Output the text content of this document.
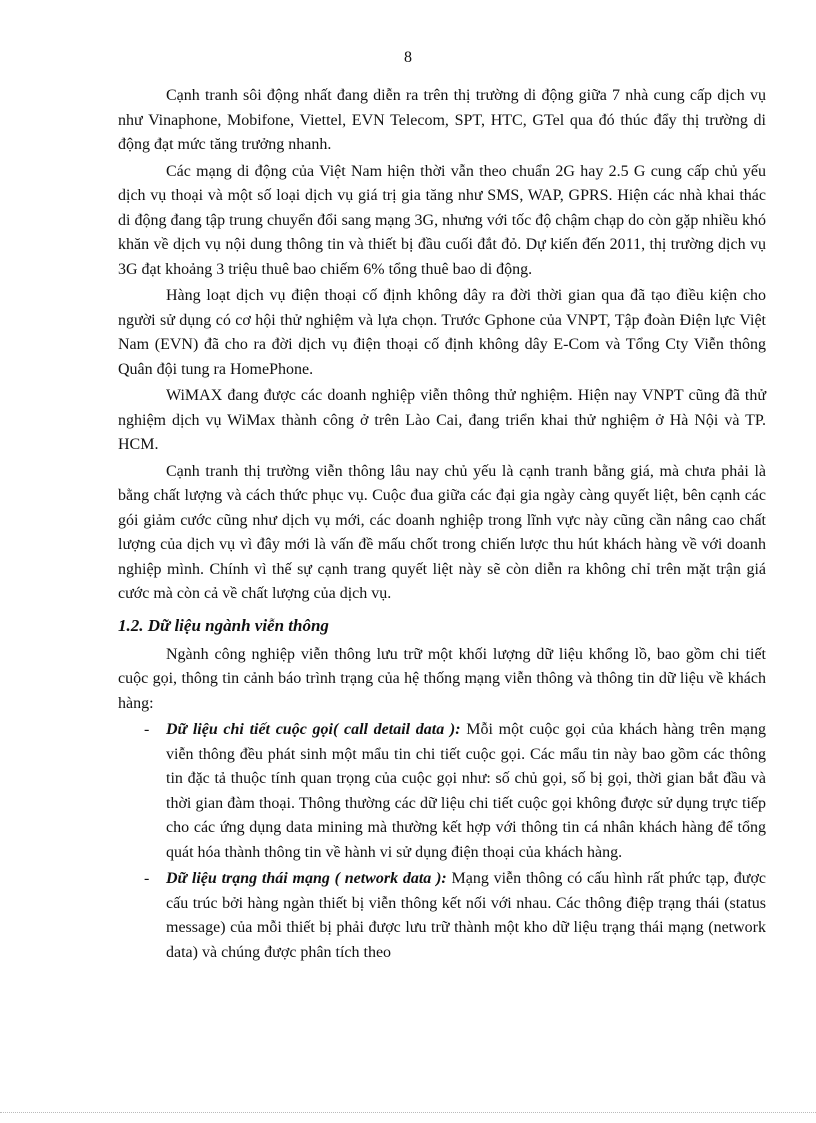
8

Cạnh tranh sôi động nhất đang diễn ra trên thị trường di động giữa 7 nhà cung cấp dịch vụ như Vinaphone, Mobifone, Viettel, EVN Telecom, SPT, HTC, GTel qua đó thúc đẩy thị trường di động đạt mức tăng trưởng nhanh.

Các mạng di động của Việt Nam hiện thời vẫn theo chuẩn 2G hay 2.5 G cung cấp chủ yếu dịch vụ thoại và một số loại dịch vụ giá trị gia tăng như SMS, WAP, GPRS. Hiện các nhà khai thác di động đang tập trung chuyển đổi sang mạng 3G, nhưng với tốc độ chậm chạp do còn gặp nhiều khó khăn về dịch vụ nội dung thông tin và thiết bị đầu cuối đắt đỏ. Dự kiến đến 2011, thị trường dịch vụ 3G đạt khoảng 3 triệu thuê bao chiếm 6% tổng thuê bao di động.

Hàng loạt dịch vụ điện thoại cố định không dây ra đời thời gian qua đã tạo điều kiện cho người sử dụng có cơ hội thử nghiệm và lựa chọn. Trước Gphone của VNPT, Tập đoàn Điện lực Việt Nam (EVN) đã cho ra đời dịch vụ điện thoại cố định không dây E-Com và Tổng Cty Viễn thông Quân đội tung ra HomePhone.

WiMAX đang được các doanh nghiệp viễn thông thử nghiệm. Hiện nay VNPT cũng đã thử nghiệm dịch vụ WiMax thành công ở trên Lào Cai, đang triển khai thử nghiệm ở Hà Nội và TP. HCM.

Cạnh tranh thị trường viễn thông lâu nay chủ yếu là cạnh tranh bằng giá, mà chưa phải là bằng chất lượng và cách thức phục vụ. Cuộc đua giữa các đại gia ngày càng quyết liệt, bên cạnh các gói giảm cước cũng như dịch vụ mới, các doanh nghiệp trong lĩnh vực này cũng cần nâng cao chất lượng của dịch vụ vì đây mới là vấn đề mấu chốt trong chiến lược thu hút khách hàng về với doanh nghiệp mình. Chính vì thế sự cạnh trang quyết liệt này sẽ còn diễn ra không chỉ trên mặt trận giá cước mà còn cả về chất lượng của dịch vụ.

1.2. Dữ liệu ngành viễn thông

Ngành công nghiệp viễn thông lưu trữ một khối lượng dữ liệu khổng lồ, bao gồm chi tiết cuộc gọi, thông tin cảnh báo trình trạng của hệ thống mạng viễn thông và thông tin dữ liệu về khách hàng:

- Dữ liệu chi tiết cuộc gọi( call detail data ): Mỗi một cuộc gọi của khách hàng trên mạng viễn thông đều phát sinh một mẩu tin chi tiết cuộc gọi. Các mẩu tin này bao gồm các thông tin đặc tả thuộc tính quan trọng của cuộc gọi như: số chủ gọi, số bị gọi, thời gian bắt đầu và thời gian đàm thoại. Thông thường các dữ liệu chi tiết cuộc gọi không được sử dụng trực tiếp cho các ứng dụng data mining mà thường kết hợp với thông tin cá nhân khách hàng để tổng quát hóa thành thông tin về hành vi sử dụng điện thoại của khách hàng.
- Dữ liệu trạng thái mạng ( network data ): Mạng viễn thông có cấu hình rất phức tạp, được cấu trúc bởi hàng ngàn thiết bị viễn thông kết nối với nhau. Các thông điệp trạng thái (status message) của mỗi thiết bị phải được lưu trữ thành một kho dữ liệu trạng thái mạng (network data) và chúng được phân tích theo
